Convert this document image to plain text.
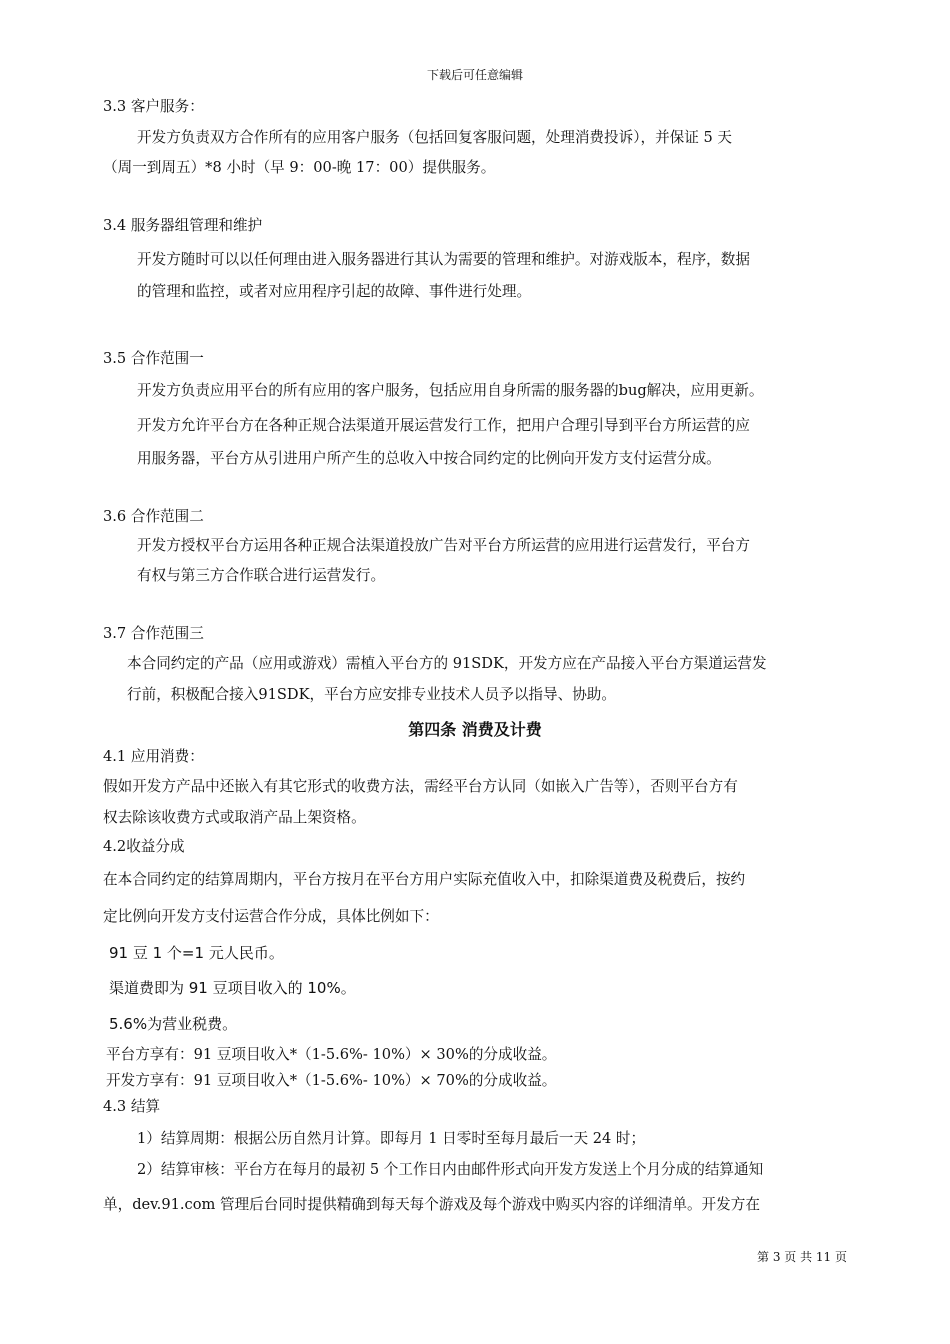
下载后可任意编辑
3.3 客户服务：
开发方负责双方合作所有的应用客户服务（包括回复客服问题，处理消费投诉），并保证 5 天
（周一到周五）*8 小时（早 9：00-晚 17：00）提供服务。
3.4 服务器组管理和维护
开发方随时可以以任何理由进入服务器进行其认为需要的管理和维护。对游戏版本，程序，数据
的管理和监控，或者对应用程序引起的故障、事件进行处理。
3.5 合作范围一
开发方负责应用平台的所有应用的客户服务，包括应用自身所需的服务器的bug解决，应用更新。
开发方允许平台方在各种正规合法渠道开展运营发行工作，把用户合理引导到平台方所运营的应
用服务器，平台方从引进用户所产生的总收入中按合同约定的比例向开发方支付运营分成。
3.6 合作范围二
开发方授权平台方运用各种正规合法渠道投放广告对平台方所运营的应用进行运营发行，平台方
有权与第三方合作联合进行运营发行。
3.7 合作范围三
本合同约定的产品（应用或游戏）需植入平台方的 91SDK，开发方应在产品接入平台方渠道运营发
行前，积极配合接入91SDK，平台方应安排专业技术人员予以指导、协助。
第四条 消费及计费
4.1 应用消费：
假如开发方产品中还嵌入有其它形式的收费方法，需经平台方认同（如嵌入广告等），否则平台方有
权去除该收费方式或取消产品上架资格。
4.2收益分成
在本合同约定的结算周期内，平台方按月在平台方用户实际充值收入中，扣除渠道费及税费后，按约
定比例向开发方支付运营合作分成，具体比例如下：
91 豆 1 个=1 元人民币。
渠道费即为 91 豆项目收入的 10%。
5.6%为营业税费。
平台方享有：91 豆项目收入*（1-5.6%- 10%）× 30%的分成收益。
开发方享有：91 豆项目收入*（1-5.6%- 10%）× 70%的分成收益。
4.3 结算
1）结算周期：根据公历自然月计算。即每月 1 日零时至每月最后一天 24 时；
2）结算审核：平台方在每月的最初 5 个工作日内由邮件形式向开发方发送上个月分成的结算通知
单，dev.91.com 管理后台同时提供精确到每天每个游戏及每个游戏中购买内容的详细清单。开发方在
第 3 页 共 11 页
